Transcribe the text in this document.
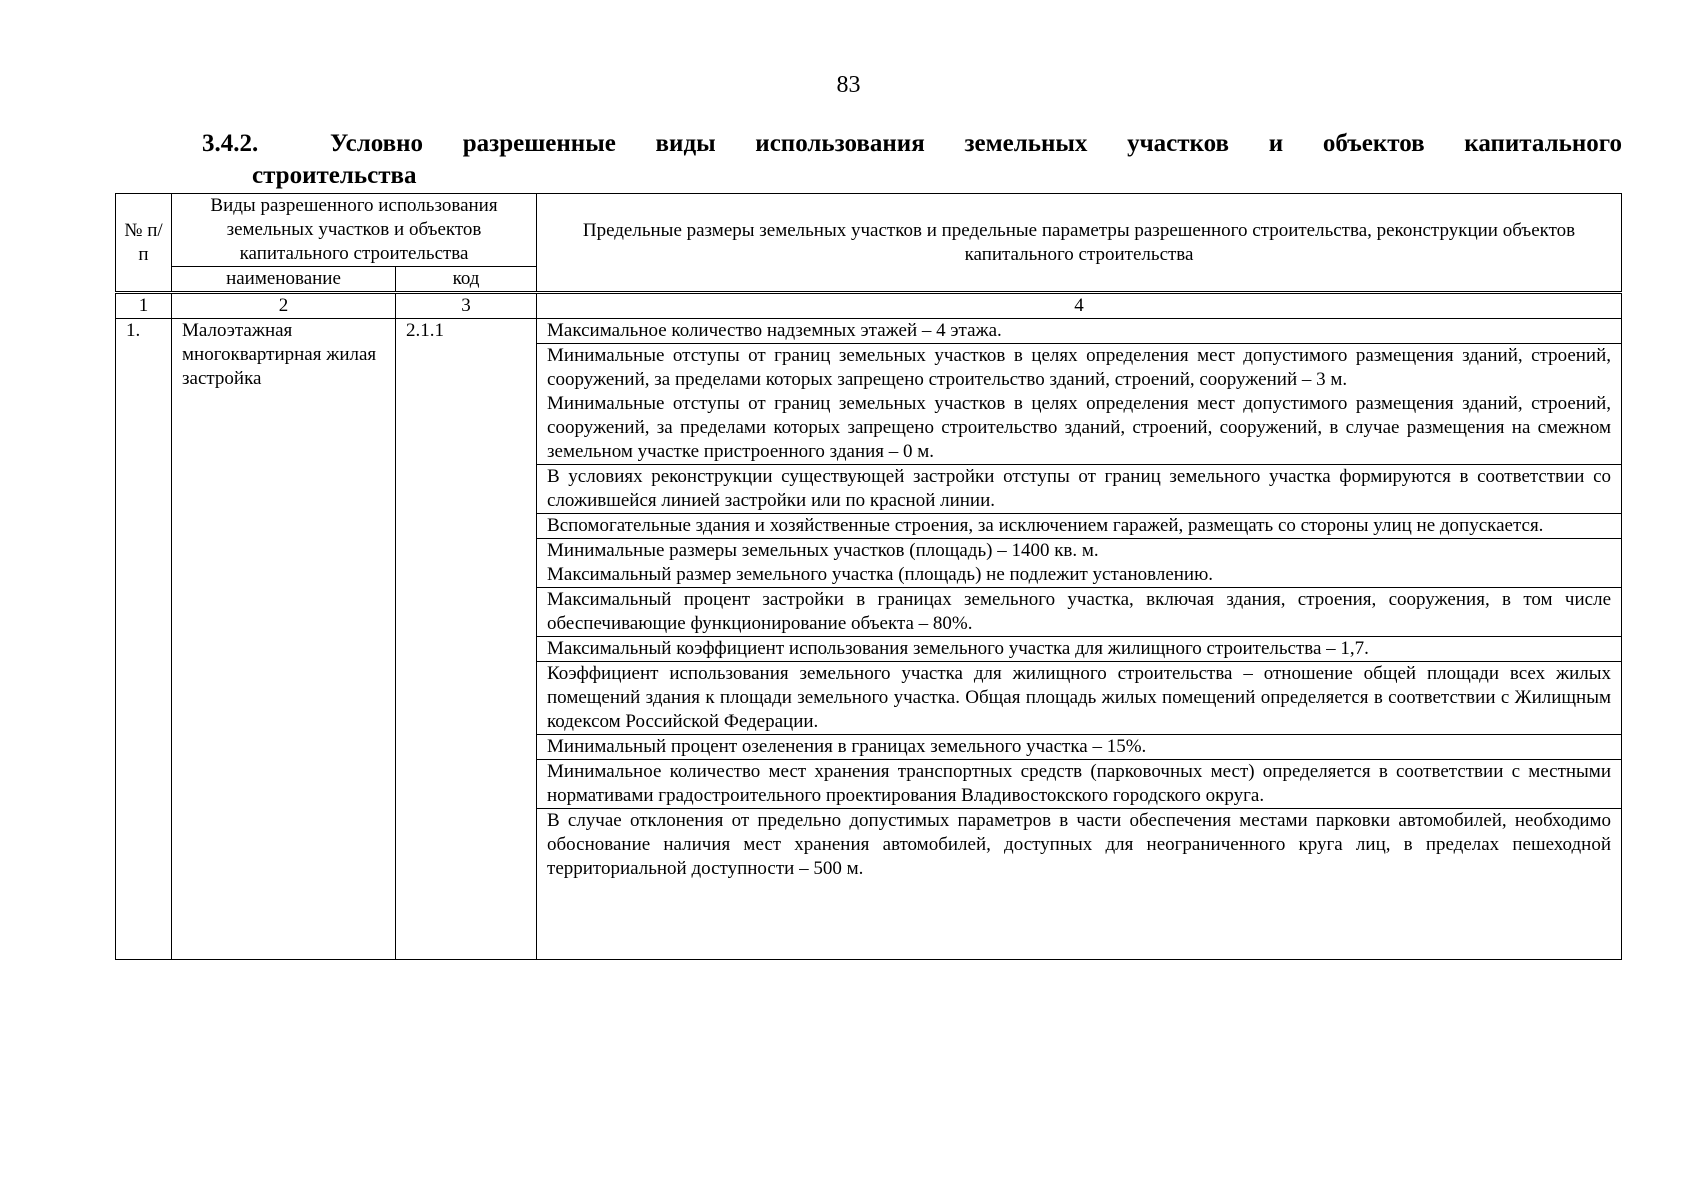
83
3.4.2.	Условно разрешенные виды использования земельных участков и объектов капитального
строительства
№ п/п	Виды разрешенного использования земельных участков и объектов капитального строительства		Предельные размеры земельных участков и предельные параметры разрешенного строительства, реконструкции объектов капитального строительства
	наименование	код	
1	2	3	4
1.	Малоэтажная многоквартирная жилая застройка	2.1.1	Максимальное количество надземных этажей – 4 этажа.

			Минимальные отступы от границ земельных участков в целях определения мест допустимого размещения зданий, строений, сооружений, за пределами которых запрещено строительство зданий, строений, сооружений – 3 м.
Минимальные отступы от границ земельных участков в целях определения мест допустимого размещения зданий, строений, сооружений, за пределами которых запрещено строительство зданий, строений, сооружений, в случае размещения на смежном земельном участке пристроенного здания – 0 м.

			В условиях реконструкции существующей застройки отступы от границ земельного участка формируются в соответствии со сложившейся линией застройки или по красной линии.

			Вспомогательные здания и хозяйственные строения, за исключением гаражей, размещать со стороны улиц не допускается.

			Минимальные размеры земельных участков (площадь) – 1400 кв. м.
Максимальный размер земельного участка (площадь) не подлежит установлению.

			Максимальный процент застройки в границах земельного участка, включая здания, строения, сооружения, в том числе обеспечивающие функционирование объекта – 80%.

			Максимальный коэффициент использования земельного участка для жилищного строительства – 1,7.

			Коэффициент использования земельного участка для жилищного строительства – отношение общей площади всех жилых помещений здания к площади земельного участка. Общая площадь жилых помещений определяется в соответствии с Жилищным кодексом Российской Федерации.

			Минимальный процент озеленения в границах земельного участка – 15%.

			Минимальное количество мест хранения транспортных средств (парковочных мест) определяется в соответствии с местными нормативами градостроительного проектирования Владивостокского городского округа.

			В случае отклонения от предельно допустимых параметров в части обеспечения местами парковки автомобилей, необходимо обоснование наличия мест хранения автомобилей, доступных для неограниченного круга лиц, в пределах пешеходной территориальной доступности – 500 м.
